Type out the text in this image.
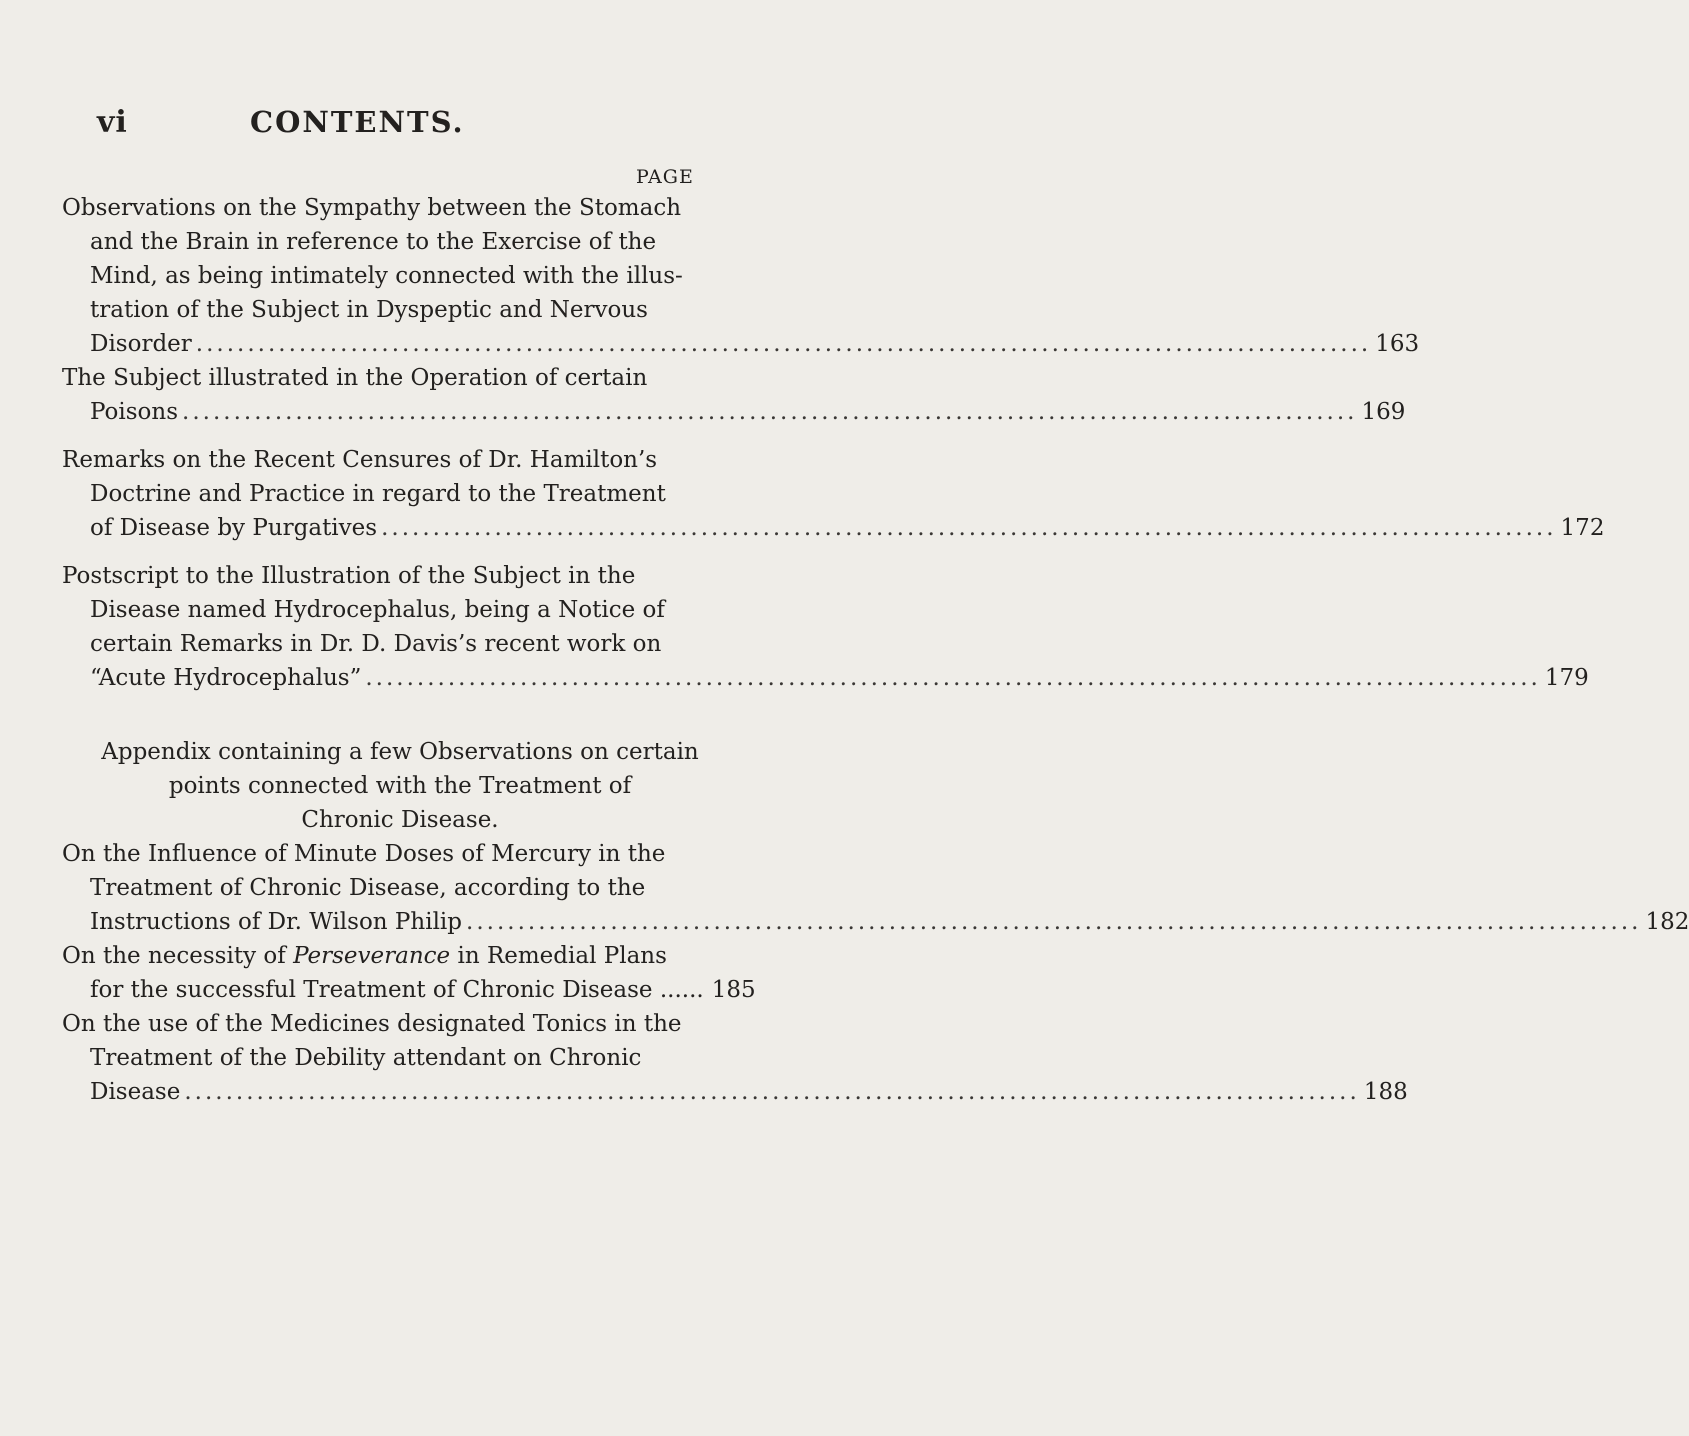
vi	CONTENTS.
PAGE
Observations on the Sympathy between the Stomach
and the Brain in reference to the Exercise of the
Mind, as being intimately connected with the illus-
tration of the Subject in Dyspeptic and Nervous
Disorder .................................................................................................................. 163
The Subject illustrated in the Operation of certain
Poisons .................................................................................................................. 169
Remarks on the Recent Censures of Dr. Hamilton’s
Doctrine and Practice in regard to the Treatment
of Disease by Purgatives .................................................................................................................. 172
Postscript to the Illustration of the Subject in the
Disease named Hydrocephalus, being a Notice of
certain Remarks in Dr. D. Davis’s recent work on
“Acute Hydrocephalus” .................................................................................................................. 179
Appendix containing a few Observations on certain
points connected with the Treatment of
Chronic Disease.
On the Influence of Minute Doses of Mercury in the
Treatment of Chronic Disease, according to the
Instructions of Dr. Wilson Philip .................................................................................................................. 182
On the necessity of Perseverance in Remedial Plans
for the successful Treatment of Chronic Disease ...... 185
On the use of the Medicines designated Tonics in the
Treatment of the Debility attendant on Chronic
Disease .................................................................................................................. 188
